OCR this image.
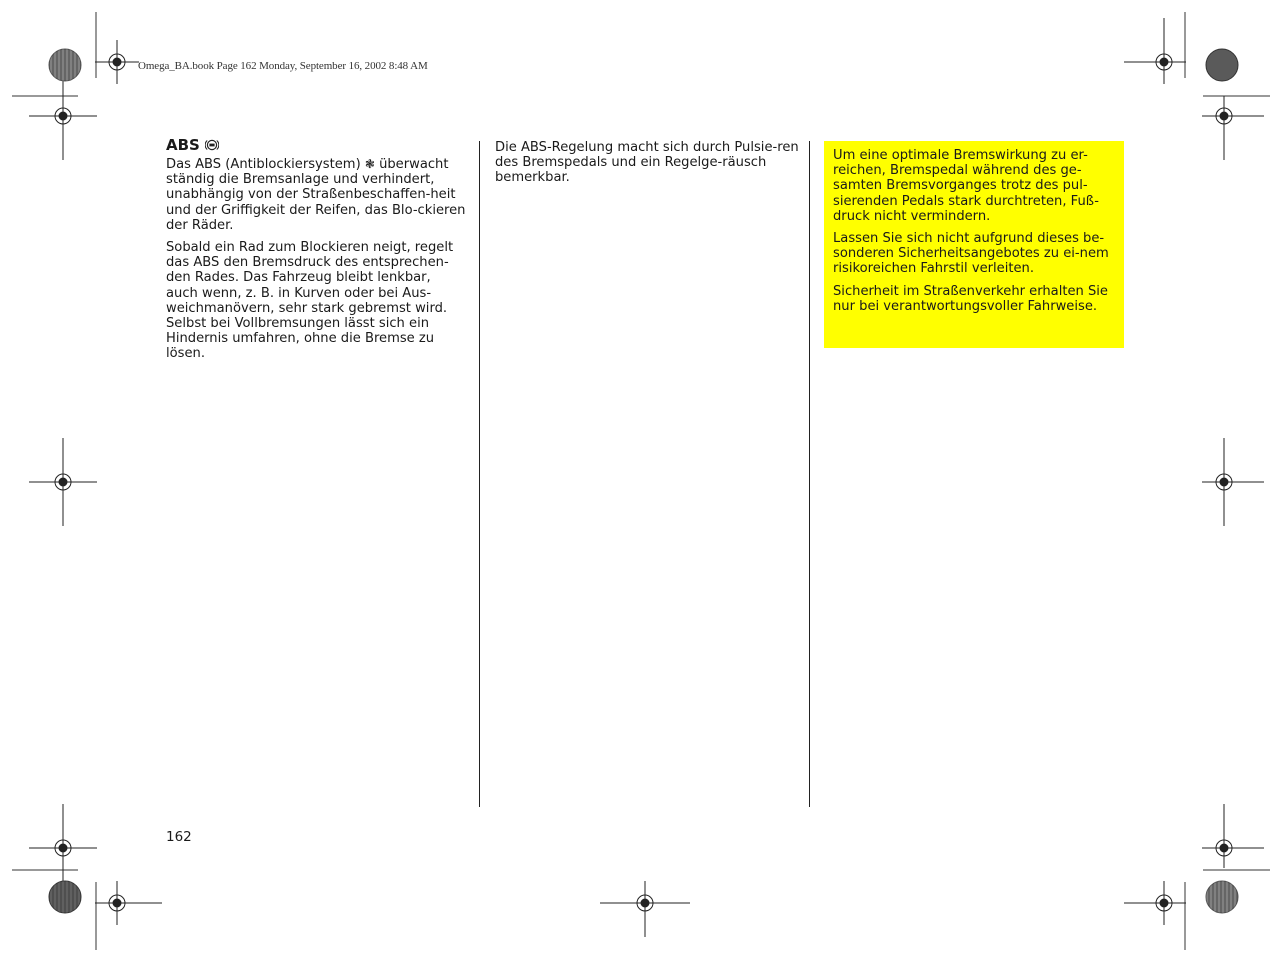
Omega_BA.book Page 162 Monday, September 16, 2002 8:48 AM
ABS

Das ABS (Antiblockiersystem) ❃ überwacht ständig die Bremsanlage und verhindert, unabhängig von der Straßenbeschaffen-heit und der Griffigkeit der Reifen, das Blo-ckieren der Räder.

Sobald ein Rad zum Blockieren neigt, regelt das ABS den Bremsdruck des entsprechen-den Rades. Das Fahrzeug bleibt lenkbar, auch wenn, z. B. in Kurven oder bei Aus-weichmanövern, sehr stark gebremst wird. Selbst bei Vollbremsungen lässt sich ein Hindernis umfahren, ohne die Bremse zu lösen.

Die ABS-Regelung macht sich durch Pulsie-ren des Bremspedals und ein Regelge-räusch bemerkbar.

Um eine optimale Bremswirkung zu er-reichen, Bremspedal während des ge-samten Bremsvorganges trotz des pul-sierenden Pedals stark durchtreten, Fuß-druck nicht vermindern.

Lassen Sie sich nicht aufgrund dieses be-sonderen Sicherheitsangebotes zu ei-nem risikoreichen Fahrstil verleiten.

Sicherheit im Straßenverkehr erhalten Sie nur bei verantwortungsvoller Fahrweise.

162
